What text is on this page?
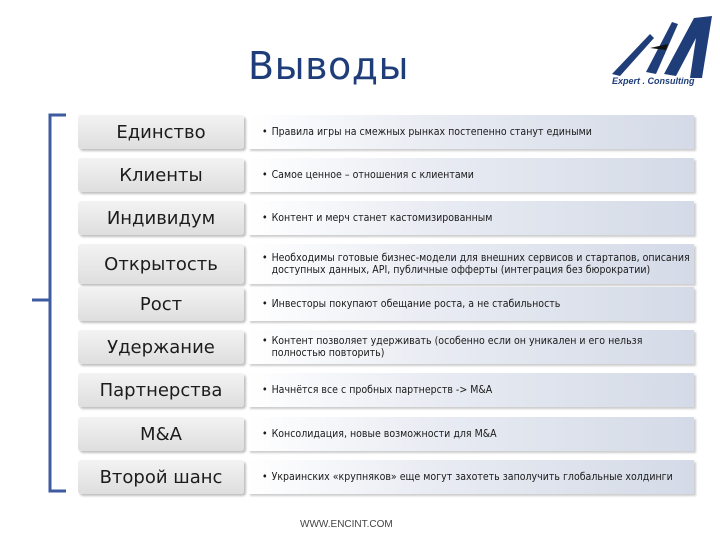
Выводы	Expert . Consulting
Единство	• Правила игры на смежных рынках постепенно станут едиными
Клиенты	• Самое ценное – отношения с клиентами
Индивидум	• Контент и мерч станет кастомизированным
Открытость	• Необходимы готовые бизнес-модели для внешних сервисов и стартапов, описания доступных данных, API, публичные офферты (интеграция без бюрократии)
Рост	• Инвесторы покупают обещание роста, а не стабильность
Удержание	• Контент позволяет удерживать (особенно если он уникален и его нельзя полностью повторить)
Партнерства	• Начнётся все с пробных партнерств -> M&A
M&A	• Консолидация, новые возможности для M&A
Второй шанс	• Украинских «крупняков» еще могут захотеть заполучить глобальные холдинги
WWW.ENCINT.COM
